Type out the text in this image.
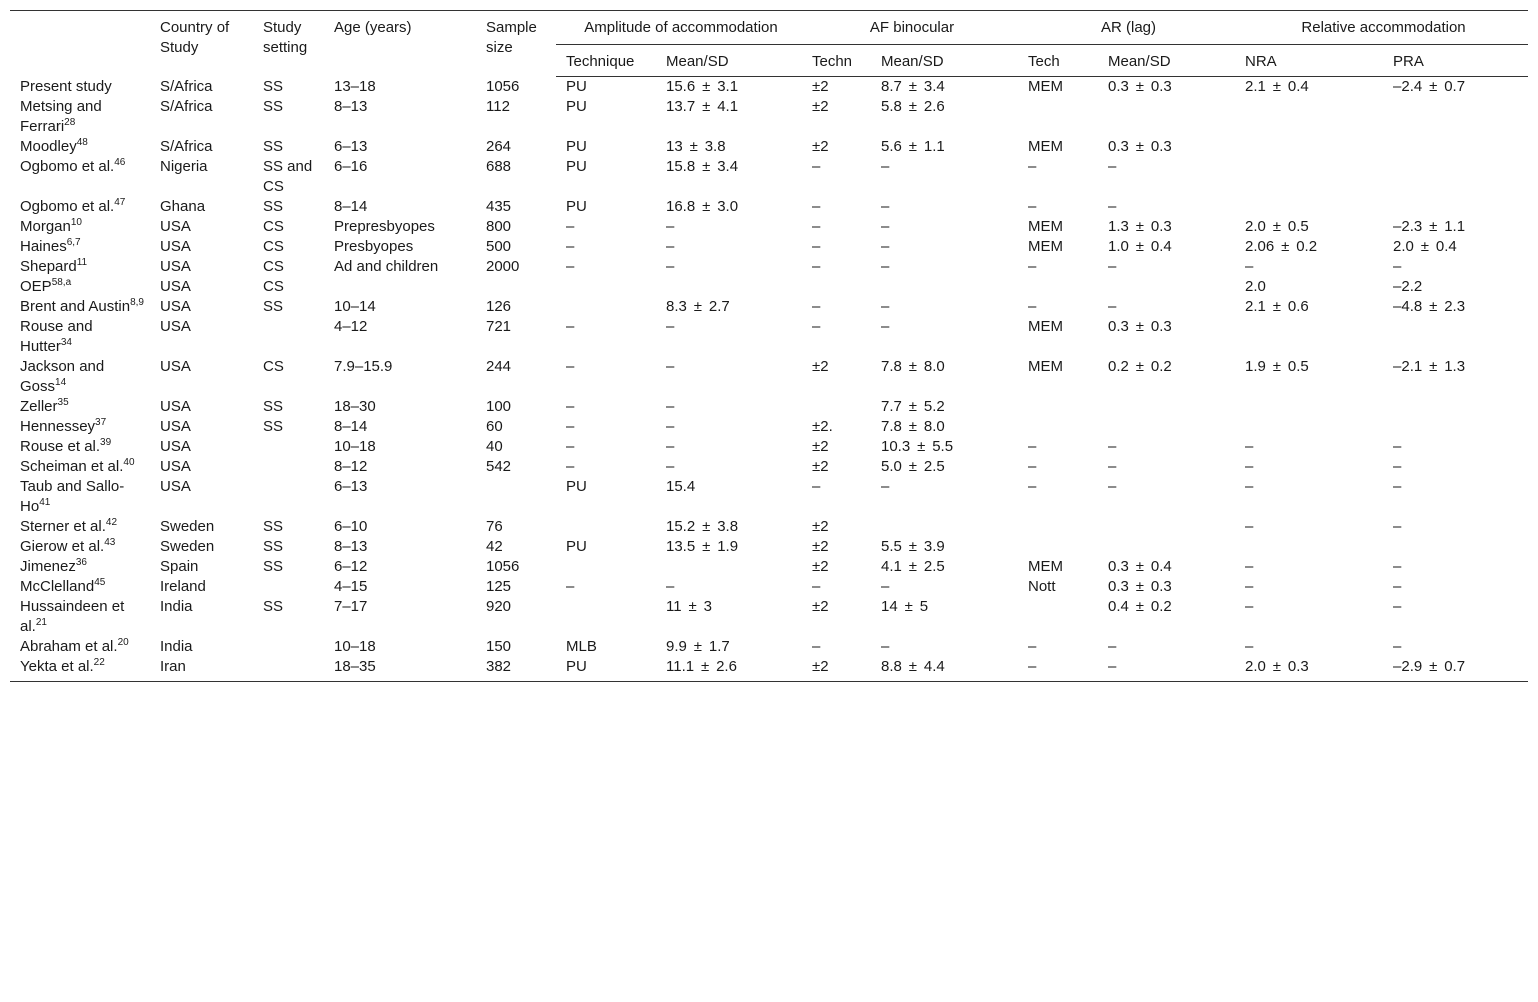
	Country of Study	Study setting	Age (years)	Sample size	Amplitude of accommodation		AF binocular		AR (lag)		Relative accommodation	
					Technique	Mean/SD	Techn	Mean/SD	Tech	Mean/SD	NRA	PRA
Present study	S/Africa	SS	13–18	1056	PU	15.6 ± 3.1	±2	8.7 ± 3.4	MEM	0.3 ± 0.3	2.1 ± 0.4	–2.4 ± 0.7
Metsing and Ferrari$^{28}$	S/Africa	SS	8–13	112	PU	13.7 ± 4.1	±2	5.8 ± 2.6				
Moodley$^{48}$	S/Africa	SS	6–13	264	PU	13 ± 3.8	±2	5.6 ± 1.1	MEM	0.3 ± 0.3		
Ogbomo et al.$^{46}$	Nigeria	SS and CS	6–16	688	PU	15.8 ± 3.4	–	–	–	–		
Ogbomo et al.$^{47}$	Ghana	SS	8–14	435	PU	16.8 ± 3.0	–	–	–	–		
Morgan$^{10}$	USA	CS	Prepresbyopes	800	–	–	–	–	MEM	1.3 ± 0.3	2.0 ± 0.5	–2.3 ± 1.1
Haines$^{6,7}$	USA	CS	Presbyopes	500	–	–	–	–	MEM	1.0 ± 0.4	2.06 ± 0.2	2.0 ± 0.4
Shepard$^{11}$	USA	CS	Ad and children	2000	–	–	–	–	–	–	–	–
OEP$^{58,a}$	USA	CS									2.0	–2.2
Brent and Austin$^{8,9}$	USA	SS	10–14	126		8.3 ± 2.7	–	–	–	–	2.1 ± 0.6	–4.8 ± 2.3
Rouse and Hutter$^{34}$	USA		4–12	721	–	–	–	–	MEM	0.3 ± 0.3		
Jackson and Goss$^{14}$	USA	CS	7.9–15.9	244	–	–	±2	7.8 ± 8.0	MEM	0.2 ± 0.2	1.9 ± 0.5	–2.1 ± 1.3
Zeller$^{35}$	USA	SS	18–30	100	–	–		7.7 ± 5.2				
Hennessey$^{37}$	USA	SS	8–14	60	–	–	±2.	7.8 ± 8.0				
Rouse et al.$^{39}$	USA		10–18	40	–	–	±2	10.3 ± 5.5	–	–	–	–
Scheiman et al.$^{40}$	USA		8–12	542	–	–	±2	5.0 ± 2.5	–	–	–	–
Taub and Sallo-Ho$^{41}$	USA		6–13		PU	15.4	–	–	–	–	–	–
Sterner et al.$^{42}$	Sweden	SS	6–10	76		15.2 ± 3.8	±2				–	–
Gierow et al.$^{43}$	Sweden	SS	8–13	42	PU	13.5 ± 1.9	±2	5.5 ± 3.9				
Jimenez$^{36}$	Spain	SS	6–12	1056			±2	4.1 ± 2.5	MEM	0.3 ± 0.4	–	–
McClelland$^{45}$	Ireland		4–15	125	–	–	–	–	Nott	0.3 ± 0.3	–	–
Hussaindeen et al.$^{21}$	India	SS	7–17	920		11 ± 3	±2	14 ± 5		0.4 ± 0.2	–	–
Abraham et al.$^{20}$	India		10–18	150	MLB	9.9 ± 1.7	–	–	–	–	–	–
Yekta et al.$^{22}$	Iran		18–35	382	PU	11.1 ± 2.6	±2	8.8 ± 4.4	–	–	2.0 ± 0.3	–2.9 ± 0.7
